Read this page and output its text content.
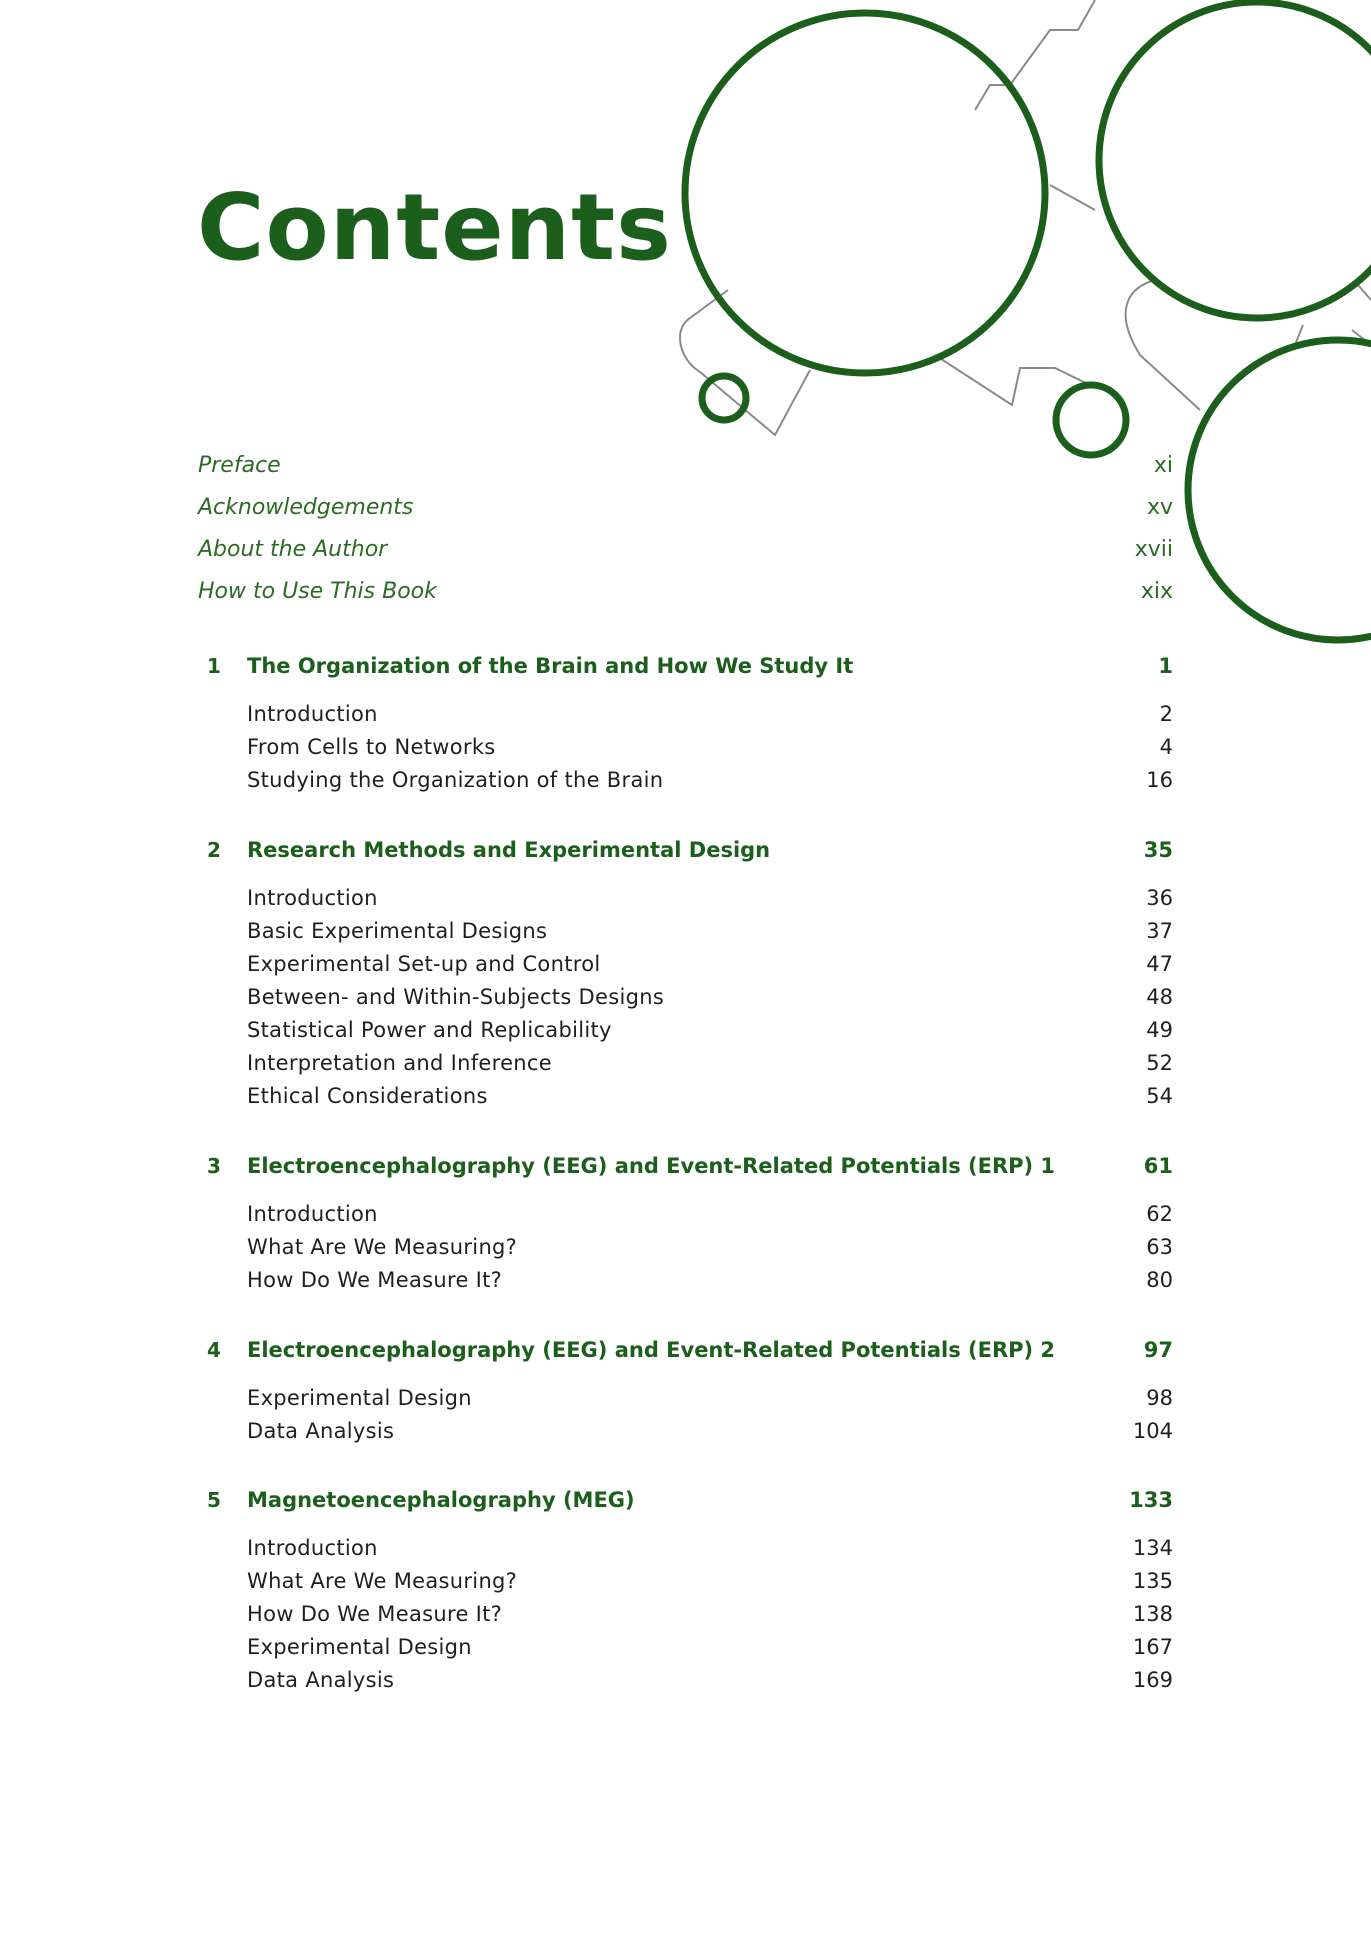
Contents
Preface	xi
Acknowledgements	xv
About the Author	xvii
How to Use This Book	xix
1 The Organization of the Brain and How We Study It	1
Introduction	2
From Cells to Networks	4
Studying the Organization of the Brain	16
2 Research Methods and Experimental Design	35
Introduction	36
Basic Experimental Designs	37
Experimental Set-up and Control	47
Between- and Within-Subjects Designs	48
Statistical Power and Replicability	49
Interpretation and Inference	52
Ethical Considerations	54
3 Electroencephalography (EEG) and Event-Related Potentials (ERP) 1	61
Introduction	62
What Are We Measuring?	63
How Do We Measure It?	80
4 Electroencephalography (EEG) and Event-Related Potentials (ERP) 2	97
Experimental Design	98
Data Analysis	104
5 Magnetoencephalography (MEG)	133
Introduction	134
What Are We Measuring?	135
How Do We Measure It?	138
Experimental Design	167
Data Analysis	169
